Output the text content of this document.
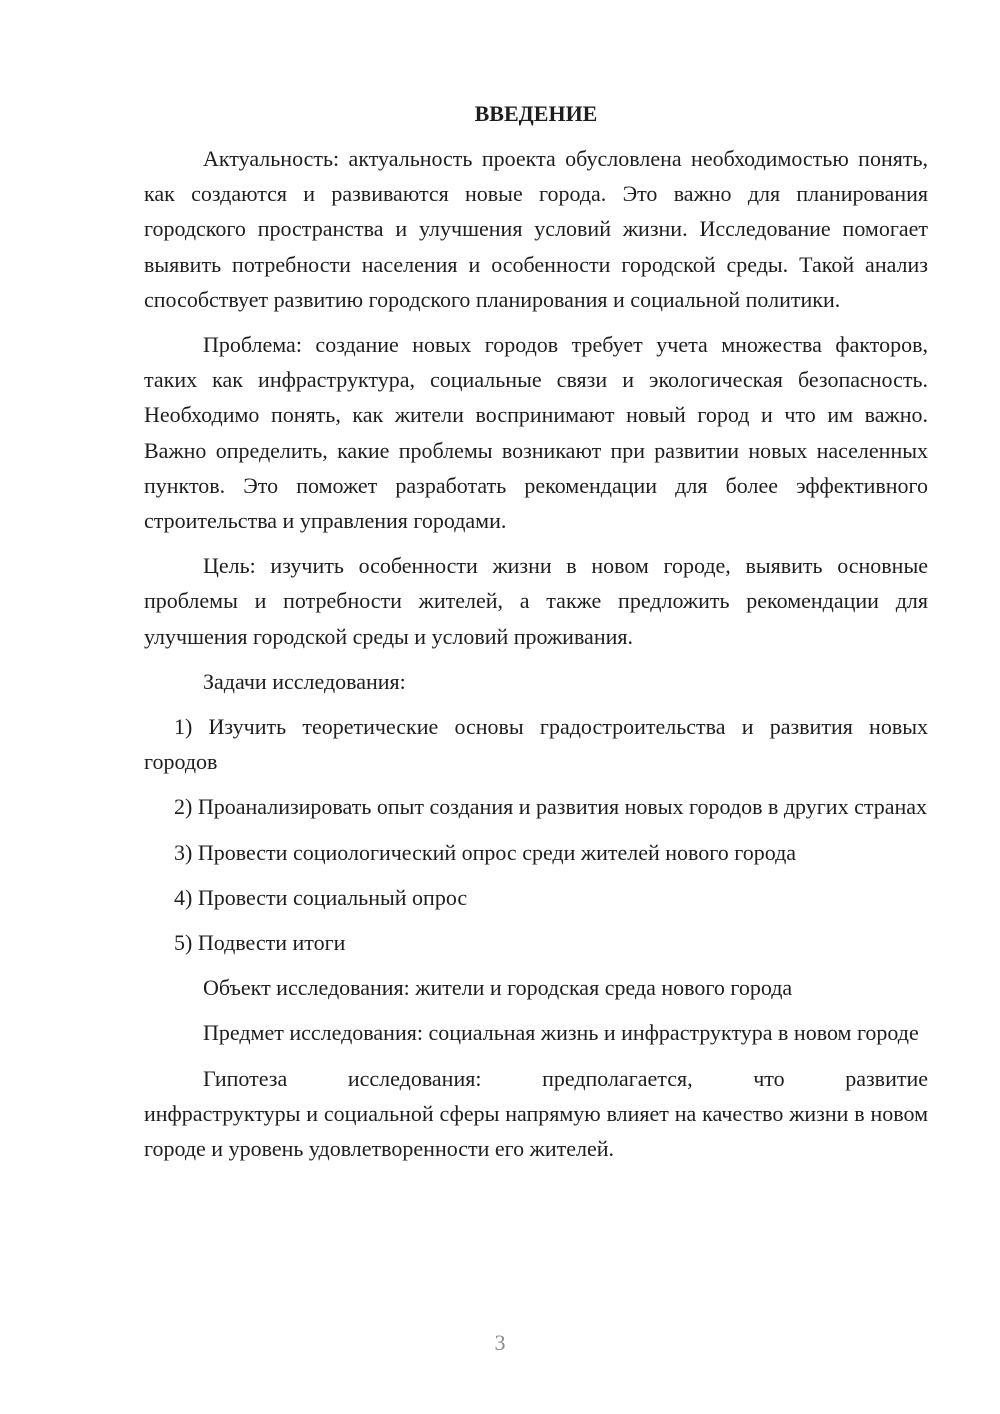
ВВЕДЕНИЕ

Актуальность: актуальность проекта обусловлена необходимостью понять, как создаются и развиваются новые города. Это важно для планирования городского пространства и улучшения условий жизни. Исследование помогает выявить потребности населения и особенности городской среды. Такой анализ способствует развитию городского планирования и социальной политики.

Проблема: создание новых городов требует учета множества факторов, таких как инфраструктура, социальные связи и экологическая безопасность. Необходимо понять, как жители воспринимают новый город и что им важно. Важно определить, какие проблемы возникают при развитии новых населенных пунктов. Это поможет разработать рекомендации для более эффективного строительства и управления городами.

Цель: изучить особенности жизни в новом городе, выявить основные проблемы и потребности жителей, а также предложить рекомендации для улучшения городской среды и условий проживания.

Задачи исследования:

1) Изучить теоретические основы градостроительства и развития новых городов

2) Проанализировать опыт создания и развития новых городов в других странах

3) Провести социологический опрос среди жителей нового города

4) Провести социальный опрос

5) Подвести итоги

Объект исследования: жители и городская среда нового города

Предмет исследования: социальная жизнь и инфраструктура в новом городе

Гипотеза исследования: предполагается, что развитие

инфраструктуры и социальной сферы напрямую влияет на качество жизни в новом городе и уровень удовлетворенности его жителей.

3
